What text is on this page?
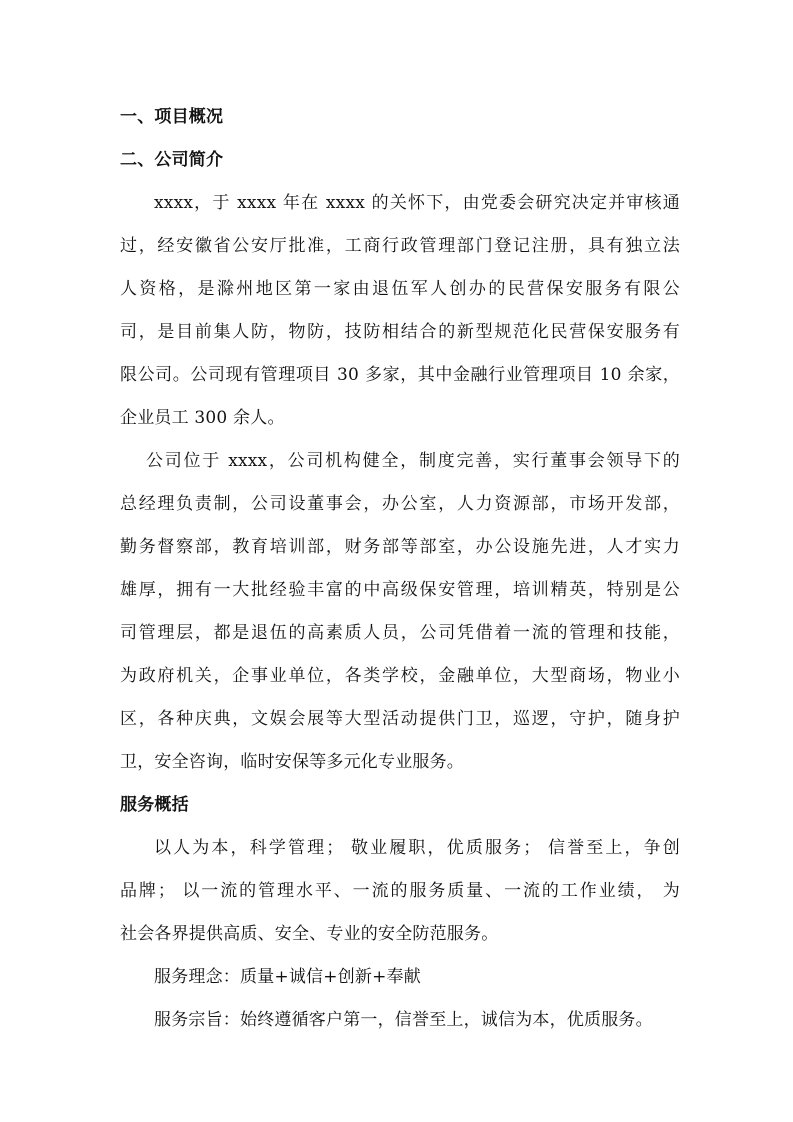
一、项目概况
二、公司简介
xxxx，于 xxxx 年在 xxxx 的关怀下，由党委会研究决定并审核通
过，经安徽省公安厅批准，工商行政管理部门登记注册，具有独立法
人资格，是滁州地区第一家由退伍军人创办的民营保安服务有限公
司，是目前集人防，物防，技防相结合的新型规范化民营保安服务有
限公司。公司现有管理项目 30 多家，其中金融行业管理项目 10 余家，
企业员工 300 余人。
公司位于 xxxx，公司机构健全，制度完善，实行董事会领导下的
总经理负责制，公司设董事会，办公室，人力资源部，市场开发部，
勤务督察部，教育培训部，财务部等部室，办公设施先进，人才实力
雄厚，拥有一大批经验丰富的中高级保安管理，培训精英，特别是公
司管理层，都是退伍的高素质人员，公司凭借着一流的管理和技能，
为政府机关，企事业单位，各类学校，金融单位，大型商场，物业小
区，各种庆典，文娱会展等大型活动提供门卫，巡逻，守护，随身护
卫，安全咨询，临时安保等多元化专业服务。
服务概括
以人为本，科学管理； 敬业履职，优质服务； 信誉至上，争创
品牌； 以一流的管理水平、一流的服务质量、一流的工作业绩， 为
社会各界提供高质、安全、专业的安全防范服务。
服务理念：质量+诚信+创新+奉献
服务宗旨：始终遵循客户第一，信誉至上，诚信为本，优质服务。
